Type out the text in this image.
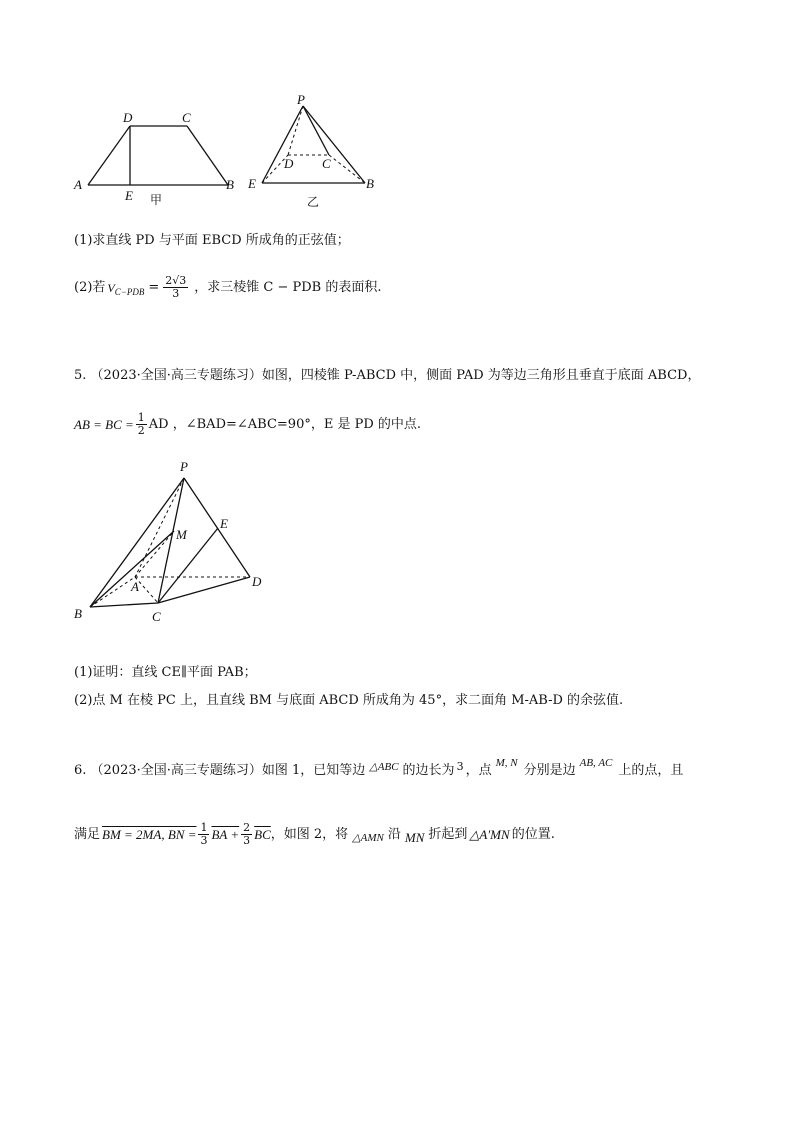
D	C
A
E
B
甲
P
D C
E	B
乙
(1)求直线 PD 与平面 EBCD 所成角的正弦值；
(2)若 V $C-PDB = \frac{2√3}{3}$ ，求三棱锥 C − PDB 的表面积.
5. （2023·全国·高三专题练习）如图，四棱锥 P-ABCD 中，侧面 PAD 为等边三角形且垂直于底面 ABCD，
AB = BC = $\frac{1}{2}$ AD ，∠BAD=∠ABC=90°，E 是 PD 的中点.
P
E
M
A	D
B	C
(1)证明：直线 CE∥平面 PAB；
(2)点 M 在棱 PC 上，且直线 BM 与底面 ABCD 所成角为 45°，求二面角 M-AB-D 的余弦值.
6. （2023·全国·高三专题练习）如图 1，已知等边 △ABC 的边长为 3 ，点 M, N 分别是边 AB, AC 上的点，且
满足 BM = 2MA, BN = $\frac{1}{3}$ BA + $\frac{2}{3} \overline{BC}$ ，如图 2，将 △AMN 沿 MN 折起到 △A′MN 的位置.
